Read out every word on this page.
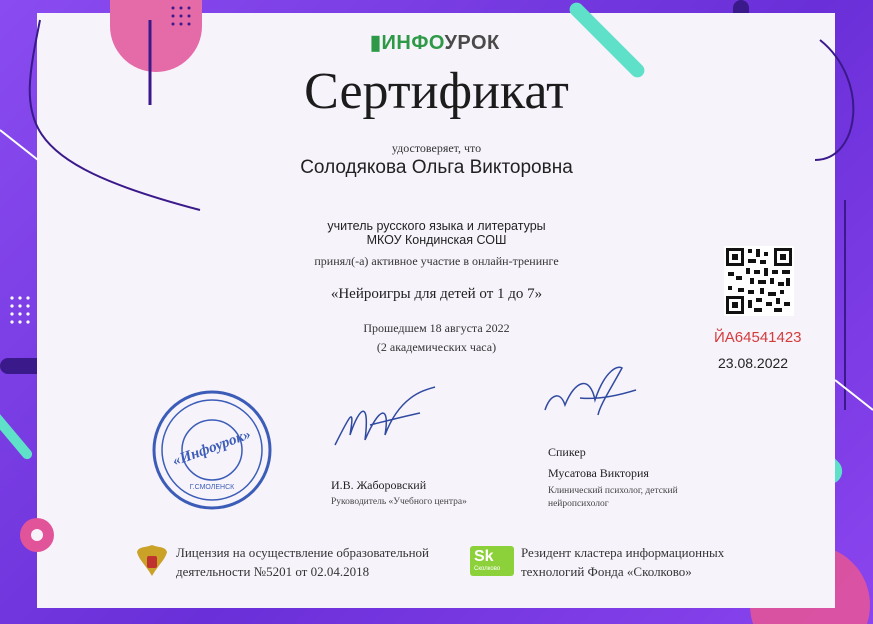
▮ИНФОУРОК
Сертификат
удостоверяет, что
Солодякова Ольга Викторовна
учитель русского языка и литературы
МКОУ Кондинская СОШ
принял(-а) активное участие в онлайн-тренинге
«Нейроигры для детей от 1 до 7»
Прошедшем 18 августа 2022
(2 академических часа)
ЙА64541423
23.08.2022
«Инфоурок»
Г.СМОЛЕНСК	И.В. Жаборовский
Руководитель «Учебного центра»
Спикер
Мусатова Виктория
Клинический психолог, детский
нейропсихолог
Лицензия на осуществление образовательной
деятельности №5201 от 02.04.2018
Sk
Сколково
Резидент кластера информационных
технологий Фонда «Сколково»
